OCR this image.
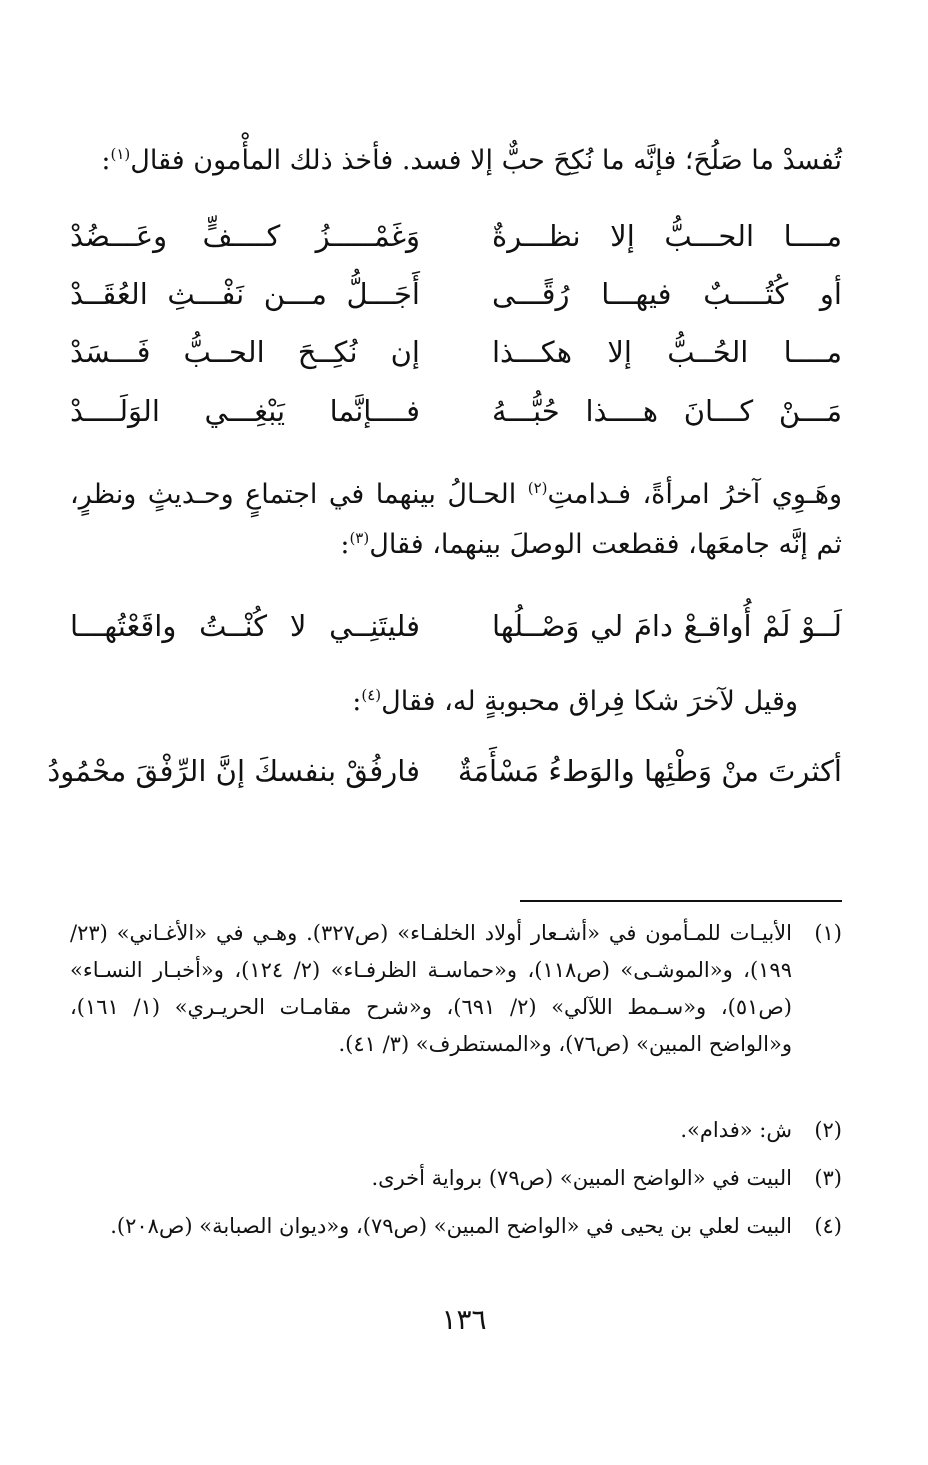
تُفسدْ ما صَلُحَ؛ فإنَّه ما نُكِحَ حبٌّ إلا فسد. فأخذ ذلك المأْمون فقال$^{(١)}$:
مــــا الحـــبُّ إلا نظـــرةٌ
وَغَمْـــــزُ كــــفٍّ وعَـــضُدْ
أو كُتُــــبٌ فيهـــا رُقًـــى
أَجَـــلُّ مـــن نَفْـــثِ العُقَــدْ
مــــا الحُــبُّ إلا هكـــذا
إن نُكِــحَ الحــبُّ فَـــسَدْ
مَـــنْ كـــانَ هــــذا حُبُّـــهُ
فــــإنَّما يَبْغِـــي الوَلَــــدْ
وهَـوِي آخرُ امرأةً، فـدامتِ$^{(٢)}$ الحـالُ بينهما في اجتماعٍ وحـديثٍ ونظرٍ، ثم إنَّه جامعَها، فقطعت الوصلَ بينهما، فقال$^{(٣)}$:
لَــوْ لَمْ أُواقـعْ دامَ لي وَصْــلُها
فليتَنِــي لا كُنْــتُ واقَعْتُهـــا
وقيل لآخرَ شكا فِراق محبوبةٍ له، فقال$^{(٤)}$:
أكثرتَ منْ وَطْئِها والوَطءُ مَسْأَمَةٌ
فارفُقْ بنفسكَ إنَّ الرِّفْقَ محْمُودُ
(١)
الأبيـات للمـأمون في «أشـعار أولاد الخلفـاء» (ص٣٢٧). وهـي في «الأغـاني» (٢٣/ ١٩٩)، و«الموشـى» (ص١١٨)، و«حماسـة الظرفـاء» (٢/ ١٢٤)، و«أخبـار النسـاء» (ص٥١)، و«سـمط اللآلي» (٢/ ٦٩١)، و«شرح مقامـات الحريـري» (١/ ١٦١)، و«الواضح المبين» (ص٧٦)، و«المستطرف» (٣/ ٤١).
(٢)
ش: «فدام».
(٣)
البيت في «الواضح المبين» (ص٧٩) برواية أخرى.
(٤)
البيت لعلي بن يحيى في «الواضح المبين» (ص٧٩)، و«ديوان الصبابة» (ص٢٠٨).
١٣٦
